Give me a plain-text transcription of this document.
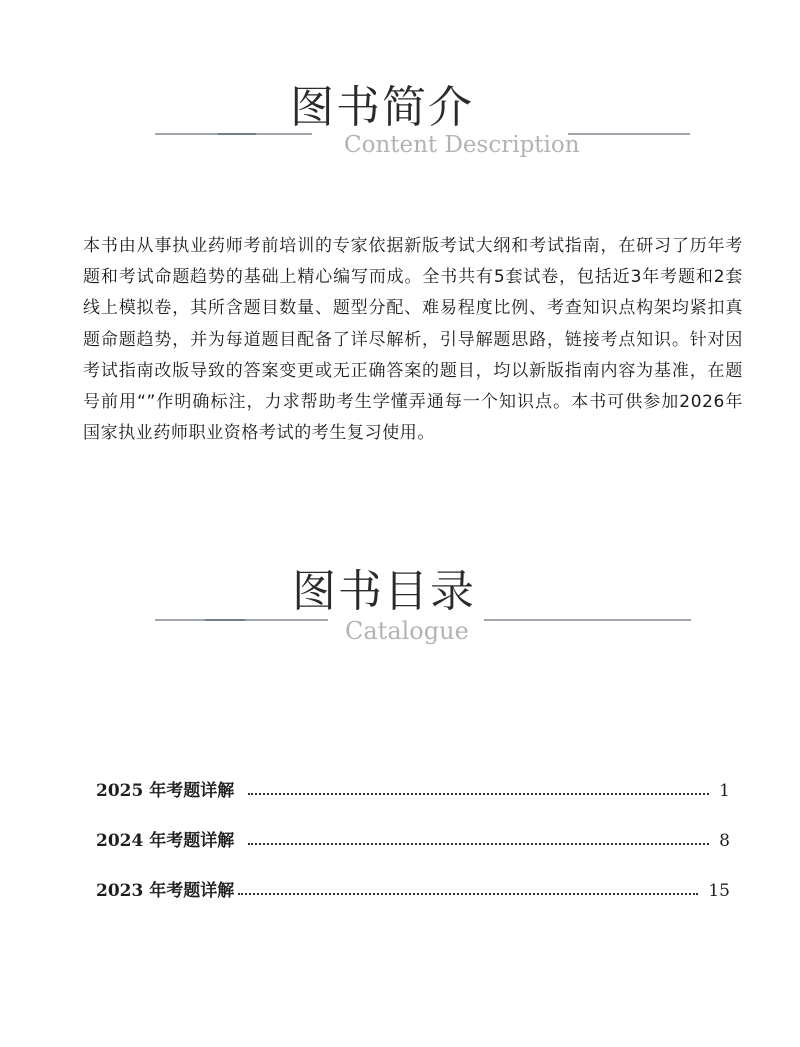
图书简介
Content Description

本书由从事执业药师考前培训的专家依据新版考试大纲和考试指南，在研习了历年考题和考试命题趋势的基础上精心编写而成。全书共有5套试卷，包括近3年考题和2套线上模拟卷，其所含题目数量、题型分配、难易程度比例、考查知识点构架均紧扣真题命题趋势，并为每道题目配备了详尽解析，引导解题思路，链接考点知识。针对因考试指南改版导致的答案变更或无正确答案的题目，均以新版指南内容为基准，在题号前用“”作明确标注，力求帮助考生学懂弄通每一个知识点。本书可供参加2026年国家执业药师职业资格考试的考生复习使用。

图书目录
Catalogue
2025 年考题详解	1
2024 年考题详解	8
2023 年考题详解	15
